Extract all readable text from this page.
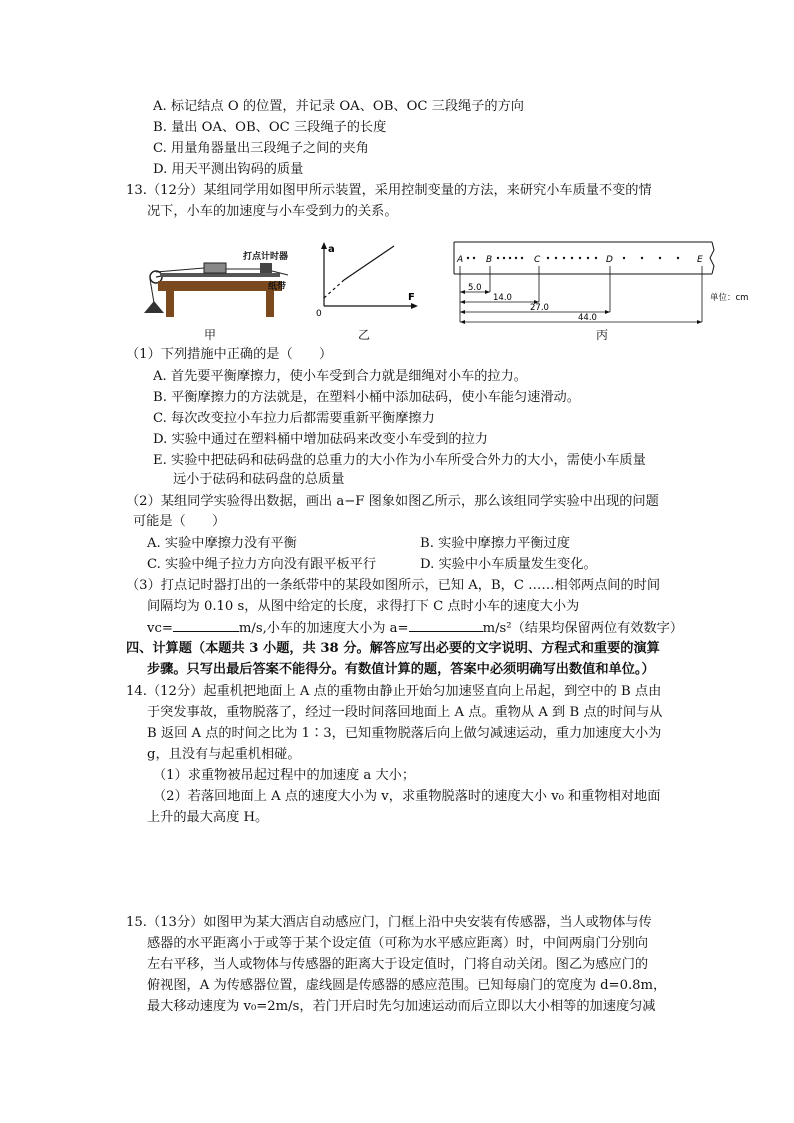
A. 标记结点 O 的位置，并记录 OA、OB、OC 三段绳子的方向
B. 量出 OA、OB、OC 三段绳子的长度
C. 用量角器量出三段绳子之间的夹角
D. 用天平测出钩码的质量
13.（12分）某组同学用如图甲所示装置，采用控制变量的方法，来研究小车质量不变的情
况下，小车的加速度与小车受到力的关系。
打点计时器
纸带
甲
a
F
0
乙
A	B	C	D	E
5.0
14.0
27.0
44.0
单位：cm
丙
（1）下列措施中正确的是（　　）
A. 首先要平衡摩擦力，使小车受到合力就是细绳对小车的拉力。
B. 平衡摩擦力的方法就是，在塑料小桶中添加砝码，使小车能匀速滑动。
C. 每次改变拉小车拉力后都需要重新平衡摩擦力
D. 实验中通过在塑料桶中增加砝码来改变小车受到的拉力
E. 实验中把砝码和砝码盘的总重力的大小作为小车所受合外力的大小，需使小车质量
远小于砝码和砝码盘的总质量
（2）某组同学实验得出数据，画出 a−F 图象如图乙所示，那么该组同学实验中出现的问题
可能是（　　）
A. 实验中摩擦力没有平衡	B. 实验中摩擦力平衡过度
C. 实验中绳子拉力方向没有跟平板平行	D. 实验中小车质量发生变化。
（3）打点记时器打出的一条纸带中的某段如图所示，已知 A，B，C ……相邻两点间的时间
间隔均为 0.10 s，从图中给定的长度，求得打下 C 点时小车的速度大小为
vc=	m/s,小车的加速度大小为 a=	m/s²（结果均保留两位有效数字）
四、计算题（本题共 3 小题，共 38 分。解答应写出必要的文字说明、方程式和重要的演算
步骤。只写出最后答案不能得分。有数值计算的题，答案中必须明确写出数值和单位。）
14.（12分）起重机把地面上 A 点的重物由静止开始匀加速竖直向上吊起，到空中的 B 点由
于突发事故，重物脱落了，经过一段时间落回地面上 A 点。重物从 A 到 B 点的时间与从
B 返回 A 点的时间之比为 1∶3，已知重物脱落后向上做匀减速运动，重力加速度大小为
g，且没有与起重机相碰。
（1）求重物被吊起过程中的加速度 a 大小；
（2）若落回地面上 A 点的速度大小为 v，求重物脱落时的速度大小 v₀ 和重物相对地面
上升的最大高度 H。
15.（13分）如图甲为某大酒店自动感应门，门框上沿中央安装有传感器，当人或物体与传
感器的水平距离小于或等于某个设定值（可称为水平感应距离）时，中间两扇门分别向
左右平移，当人或物体与传感器的距离大于设定值时，门将自动关闭。图乙为感应门的
俯视图，A 为传感器位置，虚线圆是传感器的感应范围。已知每扇门的宽度为 d=0.8m，
最大移动速度为 v₀=2m/s，若门开启时先匀加速运动而后立即以大小相等的加速度匀减
